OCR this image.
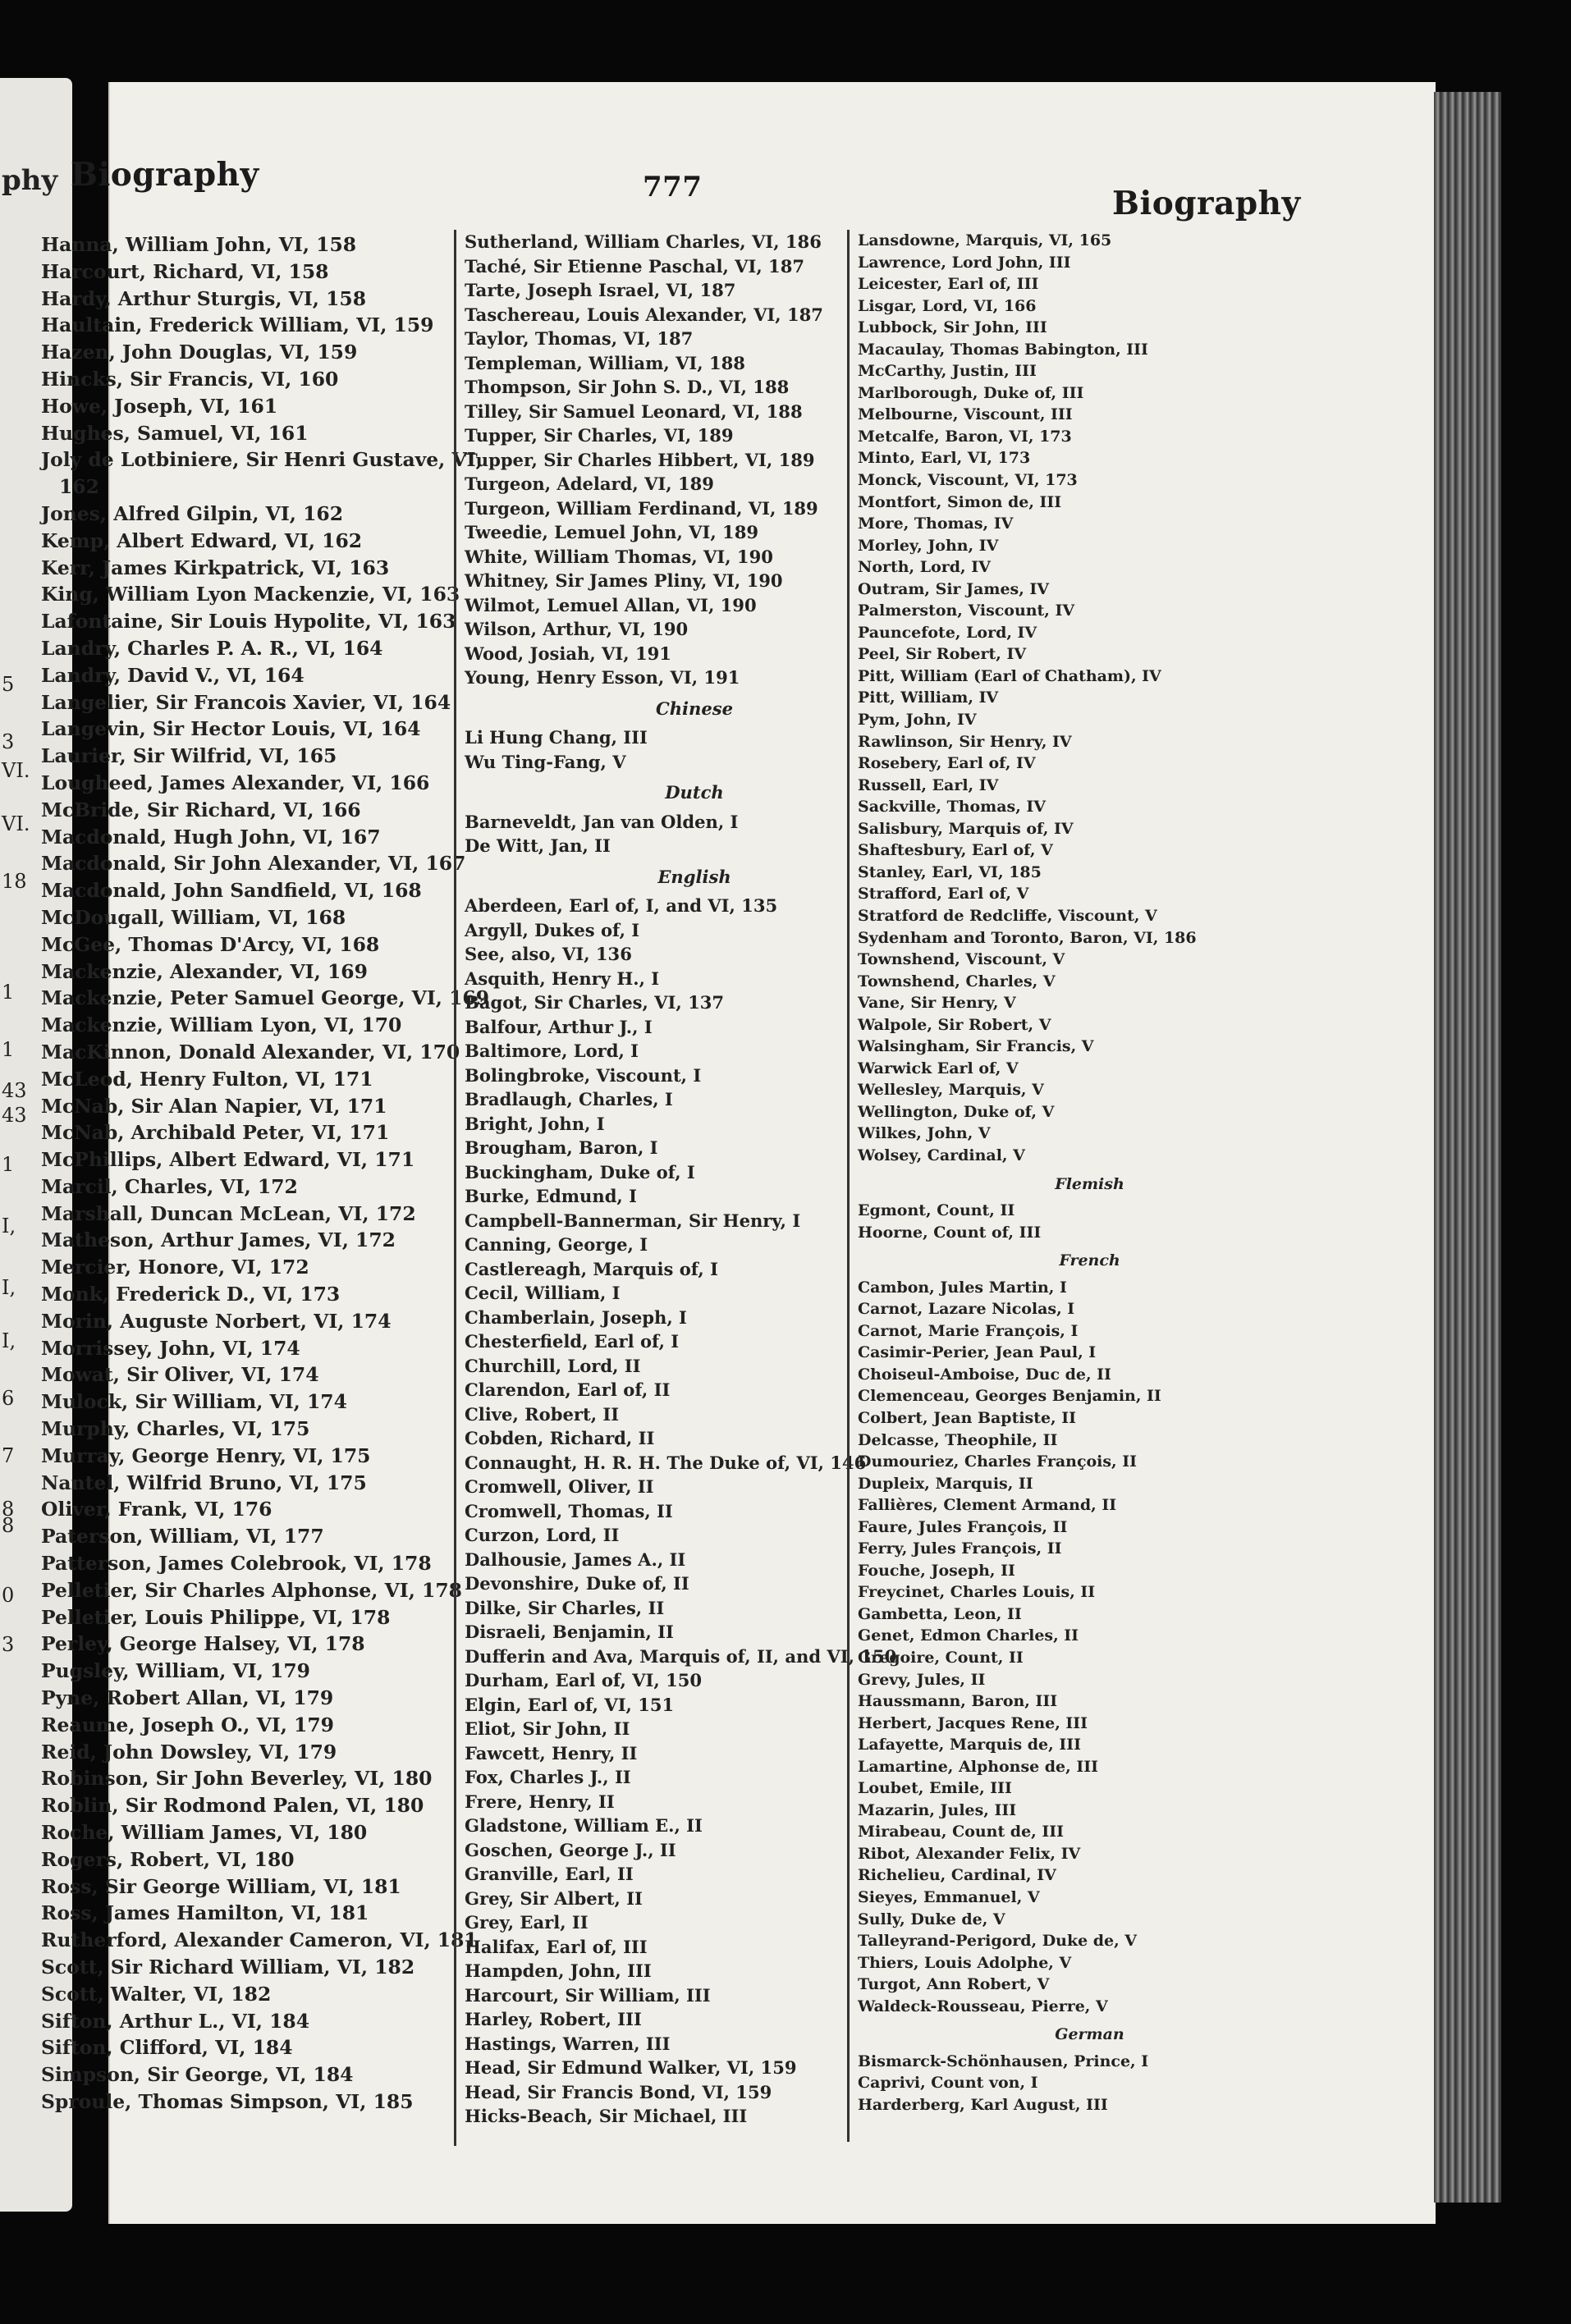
phy
5
3
VI.
VI.
18
1
1
43
43
1
I,
I,
I,
6
7
8
8
0
3
Biography	777	Biography
Hanna, William John, VI, 158
Harcourt, Richard, VI, 158
Hardy, Arthur Sturgis, VI, 158
Haultain, Frederick William, VI, 159
Hazen, John Douglas, VI, 159
Hincks, Sir Francis, VI, 160
Howe, Joseph, VI, 161
Hughes, Samuel, VI, 161
Joly de Lotbiniere, Sir Henri Gustave, VI, 162
Jones, Alfred Gilpin, VI, 162
Kemp, Albert Edward, VI, 162
Kerr, James Kirkpatrick, VI, 163
King, William Lyon Mackenzie, VI, 163
Lafontaine, Sir Louis Hypolite, VI, 163
Landry, Charles P. A. R., VI, 164
Landry, David V., VI, 164
Langelier, Sir Francois Xavier, VI, 164
Langevin, Sir Hector Louis, VI, 164
Laurier, Sir Wilfrid, VI, 165
Lougheed, James Alexander, VI, 166
McBride, Sir Richard, VI, 166
Macdonald, Hugh John, VI, 167
Macdonald, Sir John Alexander, VI, 167
Macdonald, John Sandfield, VI, 168
McDougall, William, VI, 168
McGee, Thomas D'Arcy, VI, 168
Mackenzie, Alexander, VI, 169
Mackenzie, Peter Samuel George, VI, 169
Mackenzie, William Lyon, VI, 170
MacKinnon, Donald Alexander, VI, 170
McLeod, Henry Fulton, VI, 171
McNab, Sir Alan Napier, VI, 171
McNab, Archibald Peter, VI, 171
McPhillips, Albert Edward, VI, 171
Marcil, Charles, VI, 172
Marshall, Duncan McLean, VI, 172
Matheson, Arthur James, VI, 172
Mercier, Honore, VI, 172
Monk, Frederick D., VI, 173
Morin, Auguste Norbert, VI, 174
Morrissey, John, VI, 174
Mowat, Sir Oliver, VI, 174
Mulock, Sir William, VI, 174
Murphy, Charles, VI, 175
Murray, George Henry, VI, 175
Nantel, Wilfrid Bruno, VI, 175
Oliver, Frank, VI, 176
Paterson, William, VI, 177
Patterson, James Colebrook, VI, 178
Pelletier, Sir Charles Alphonse, VI, 178
Pelletier, Louis Philippe, VI, 178
Perley, George Halsey, VI, 178
Pugsley, William, VI, 179
Pyne, Robert Allan, VI, 179
Reaume, Joseph O., VI, 179
Reid, John Dowsley, VI, 179
Robinson, Sir John Beverley, VI, 180
Roblin, Sir Rodmond Palen, VI, 180
Roche, William James, VI, 180
Rogers, Robert, VI, 180
Ross, Sir George William, VI, 181
Ross, James Hamilton, VI, 181
Rutherford, Alexander Cameron, VI, 181
Scott, Sir Richard William, VI, 182
Scott, Walter, VI, 182
Sifton, Arthur L., VI, 184
Sifton, Clifford, VI, 184
Simpson, Sir George, VI, 184
Sproule, Thomas Simpson, VI, 185
Sutherland, William Charles, VI, 186
Taché, Sir Etienne Paschal, VI, 187
Tarte, Joseph Israel, VI, 187
Taschereau, Louis Alexander, VI, 187
Taylor, Thomas, VI, 187
Templeman, William, VI, 188
Thompson, Sir John S. D., VI, 188
Tilley, Sir Samuel Leonard, VI, 188
Tupper, Sir Charles, VI, 189
Tupper, Sir Charles Hibbert, VI, 189
Turgeon, Adelard, VI, 189
Turgeon, William Ferdinand, VI, 189
Tweedie, Lemuel John, VI, 189
White, William Thomas, VI, 190
Whitney, Sir James Pliny, VI, 190
Wilmot, Lemuel Allan, VI, 190
Wilson, Arthur, VI, 190
Wood, Josiah, VI, 191
Young, Henry Esson, VI, 191
Chinese
Li Hung Chang, III
Wu Ting-Fang, V
Dutch
Barneveldt, Jan van Olden, I
De Witt, Jan, II
English
Aberdeen, Earl of, I, and VI, 135
Argyll, Dukes of, I
See, also, VI, 136
Asquith, Henry H., I
Bagot, Sir Charles, VI, 137
Balfour, Arthur J., I
Baltimore, Lord, I
Bolingbroke, Viscount, I
Bradlaugh, Charles, I
Bright, John, I
Brougham, Baron, I
Buckingham, Duke of, I
Burke, Edmund, I
Campbell-Bannerman, Sir Henry, I
Canning, George, I
Castlereagh, Marquis of, I
Cecil, William, I
Chamberlain, Joseph, I
Chesterfield, Earl of, I
Churchill, Lord, II
Clarendon, Earl of, II
Clive, Robert, II
Cobden, Richard, II
Connaught, H. R. H. The Duke of, VI, 146
Cromwell, Oliver, II
Cromwell, Thomas, II
Curzon, Lord, II
Dalhousie, James A., II
Devonshire, Duke of, II
Dilke, Sir Charles, II
Disraeli, Benjamin, II
Dufferin and Ava, Marquis of, II, and VI, 150
Durham, Earl of, VI, 150
Elgin, Earl of, VI, 151
Eliot, Sir John, II
Fawcett, Henry, II
Fox, Charles J., II
Frere, Henry, II
Gladstone, William E., II
Goschen, George J., II
Granville, Earl, II
Grey, Sir Albert, II
Grey, Earl, II
Halifax, Earl of, III
Hampden, John, III
Harcourt, Sir William, III
Harley, Robert, III
Hastings, Warren, III
Head, Sir Edmund Walker, VI, 159
Head, Sir Francis Bond, VI, 159
Hicks-Beach, Sir Michael, III
Lansdowne, Marquis, VI, 165
Lawrence, Lord John, III
Leicester, Earl of, III
Lisgar, Lord, VI, 166
Lubbock, Sir John, III
Macaulay, Thomas Babington, III
McCarthy, Justin, III
Marlborough, Duke of, III
Melbourne, Viscount, III
Metcalfe, Baron, VI, 173
Minto, Earl, VI, 173
Monck, Viscount, VI, 173
Montfort, Simon de, III
More, Thomas, IV
Morley, John, IV
North, Lord, IV
Outram, Sir James, IV
Palmerston, Viscount, IV
Pauncefote, Lord, IV
Peel, Sir Robert, IV
Pitt, William (Earl of Chatham), IV
Pitt, William, IV
Pym, John, IV
Rawlinson, Sir Henry, IV
Rosebery, Earl of, IV
Russell, Earl, IV
Sackville, Thomas, IV
Salisbury, Marquis of, IV
Shaftesbury, Earl of, V
Stanley, Earl, VI, 185
Strafford, Earl of, V
Stratford de Redcliffe, Viscount, V
Sydenham and Toronto, Baron, VI, 186
Townshend, Viscount, V
Townshend, Charles, V
Vane, Sir Henry, V
Walpole, Sir Robert, V
Walsingham, Sir Francis, V
Warwick Earl of, V
Wellesley, Marquis, V
Wellington, Duke of, V
Wilkes, John, V
Wolsey, Cardinal, V
Flemish
Egmont, Count, II
Hoorne, Count of, III
French
Cambon, Jules Martin, I
Carnot, Lazare Nicolas, I
Carnot, Marie François, I
Casimir-Perier, Jean Paul, I
Choiseul-Amboise, Duc de, II
Clemenceau, Georges Benjamin, II
Colbert, Jean Baptiste, II
Delcasse, Theophile, II
Dumouriez, Charles François, II
Dupleix, Marquis, II
Fallières, Clement Armand, II
Faure, Jules François, II
Ferry, Jules François, II
Fouche, Joseph, II
Freycinet, Charles Louis, II
Gambetta, Leon, II
Genet, Edmon Charles, II
Gregoire, Count, II
Grevy, Jules, II
Haussmann, Baron, III
Herbert, Jacques Rene, III
Lafayette, Marquis de, III
Lamartine, Alphonse de, III
Loubet, Emile, III
Mazarin, Jules, III
Mirabeau, Count de, III
Ribot, Alexander Felix, IV
Richelieu, Cardinal, IV
Sieyes, Emmanuel, V
Sully, Duke de, V
Talleyrand-Perigord, Duke de, V
Thiers, Louis Adolphe, V
Turgot, Ann Robert, V
Waldeck-Rousseau, Pierre, V
German
Bismarck-Schönhausen, Prince, I
Caprivi, Count von, I
Harderberg, Karl August, III
